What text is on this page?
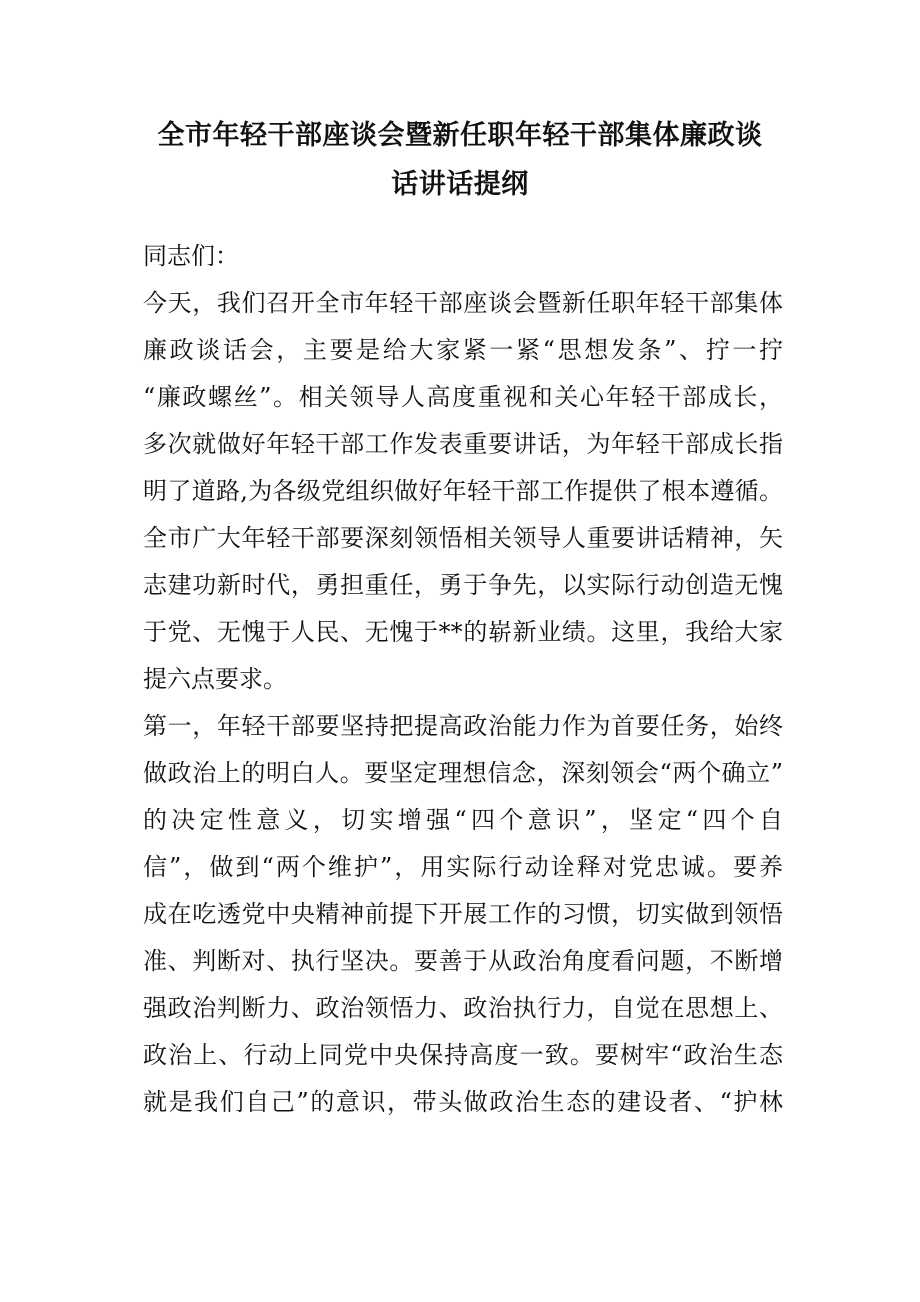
全市年轻干部座谈会暨新任职年轻干部集体廉政谈
话讲话提纲
同志们：
今天，我们召开全市年轻干部座谈会暨新任职年轻干部集体
廉政谈话会，主要是给大家紧一紧“思想发条”、拧一拧
“廉政螺丝”。相关领导人高度重视和关心年轻干部成长，
多次就做好年轻干部工作发表重要讲话，为年轻干部成长指
明了道路,为各级党组织做好年轻干部工作提供了根本遵循。
全市广大年轻干部要深刻领悟相关领导人重要讲话精神，矢
志建功新时代，勇担重任，勇于争先，以实际行动创造无愧
于党、无愧于人民、无愧于**的崭新业绩。这里，我给大家
提六点要求。
第一，年轻干部要坚持把提高政治能力作为首要任务，始终
做政治上的明白人。要坚定理想信念，深刻领会“两个确立”
的决定性意义，切实增强“四个意识”，坚定“四个自
信”，做到“两个维护”，用实际行动诠释对党忠诚。要养
成在吃透党中央精神前提下开展工作的习惯，切实做到领悟
准、判断对、执行坚决。要善于从政治角度看问题，不断增
强政治判断力、政治领悟力、政治执行力，自觉在思想上、
政治上、行动上同党中央保持高度一致。要树牢“政治生态
就是我们自己”的意识，带头做政治生态的建设者、“护林
